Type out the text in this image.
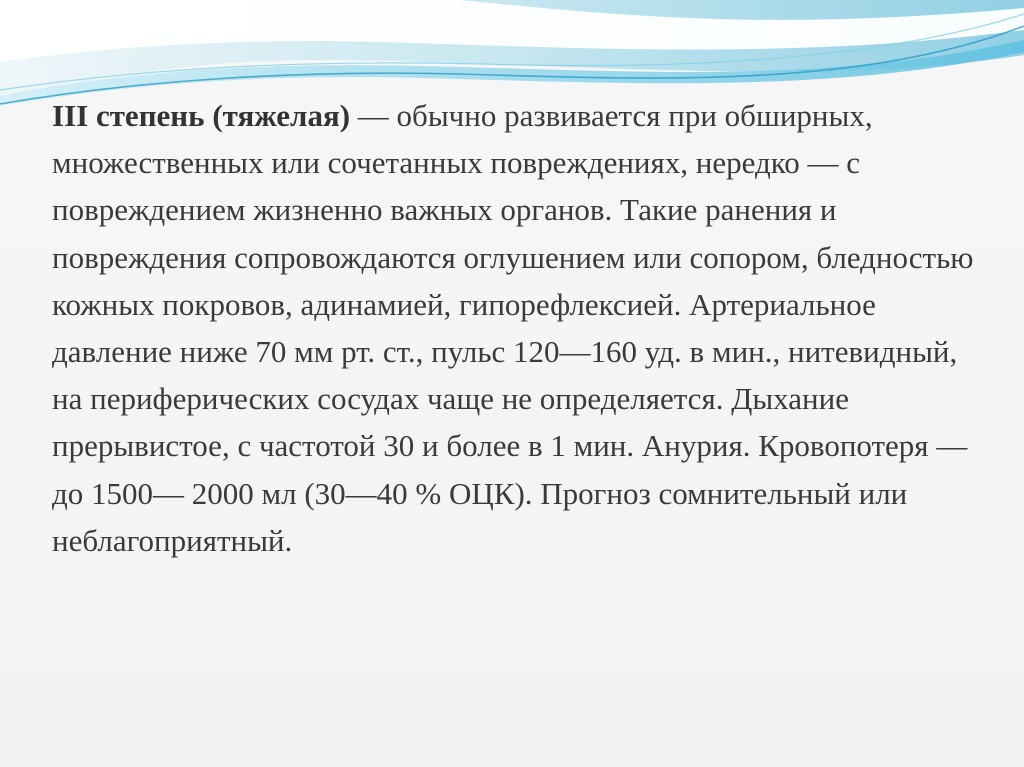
III степень (тяжелая) — обычно развивается при обширных, множественных или сочетанных повреждениях, нередко — с повреждением жизненно важных органов. Такие ранения и повреждения сопровождаются оглушением или сопором, бледностью кожных покровов, адинамией, гипорефлексией. Артериальное давление ниже 70 мм рт. ст., пульс 120—160 уд. в мин., нитевидный, на периферических сосудах чаще не определяется. Дыхание прерывистое, с частотой 30 и более в 1 мин. Анурия. Кровопотеря — до 1500— 2000 мл (30—40 % ОЦК). Прогноз сомнительный или неблагоприятный.
